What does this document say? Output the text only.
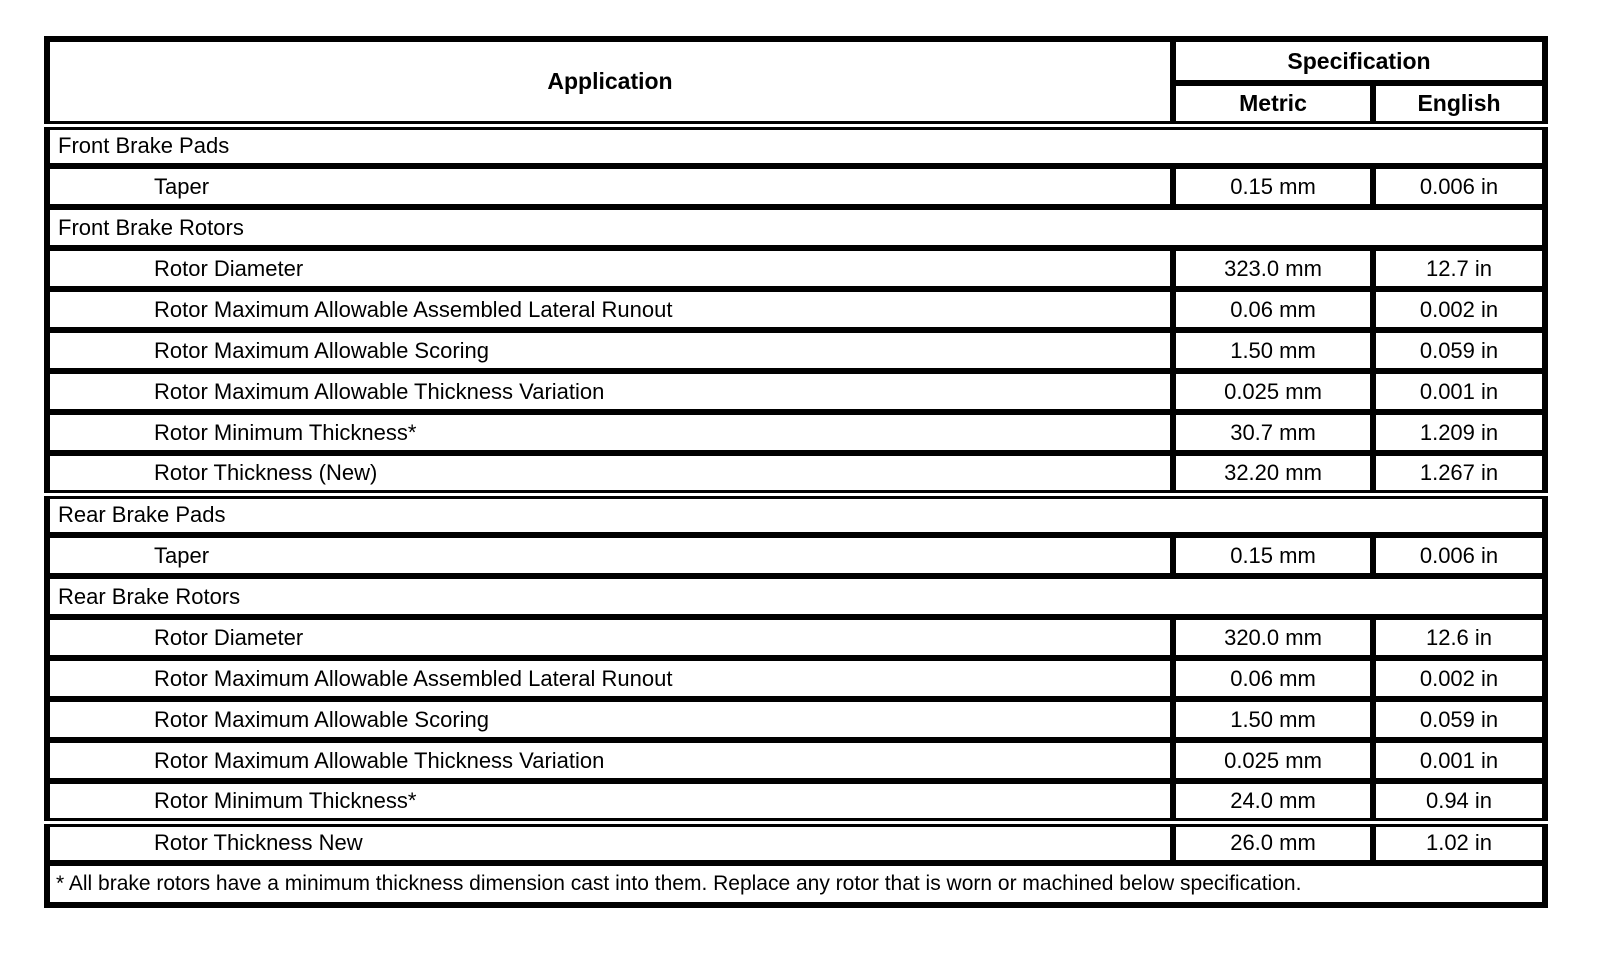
Application	Specification	
	Metric	English
Front Brake Pads		
Taper	0.15 mm	0.006 in
Front Brake Rotors		
Rotor Diameter	323.0 mm	12.7 in
Rotor Maximum Allowable Assembled Lateral Runout	0.06 mm	0.002 in
Rotor Maximum Allowable Scoring	1.50 mm	0.059 in
Rotor Maximum Allowable Thickness Variation	0.025 mm	0.001 in
Rotor Minimum Thickness*	30.7 mm	1.209 in
Rotor Thickness (New)	32.20 mm	1.267 in
Rear Brake Pads		
Taper	0.15 mm	0.006 in
Rear Brake Rotors		
Rotor Diameter	320.0 mm	12.6 in
Rotor Maximum Allowable Assembled Lateral Runout	0.06 mm	0.002 in
Rotor Maximum Allowable Scoring	1.50 mm	0.059 in
Rotor Maximum Allowable Thickness Variation	0.025 mm	0.001 in
Rotor Minimum Thickness*	24.0 mm	0.94 in
Rotor Thickness New	26.0 mm	1.02 in
* All brake rotors have a minimum thickness dimension cast into them. Replace any rotor that is worn or machined below specification.		
